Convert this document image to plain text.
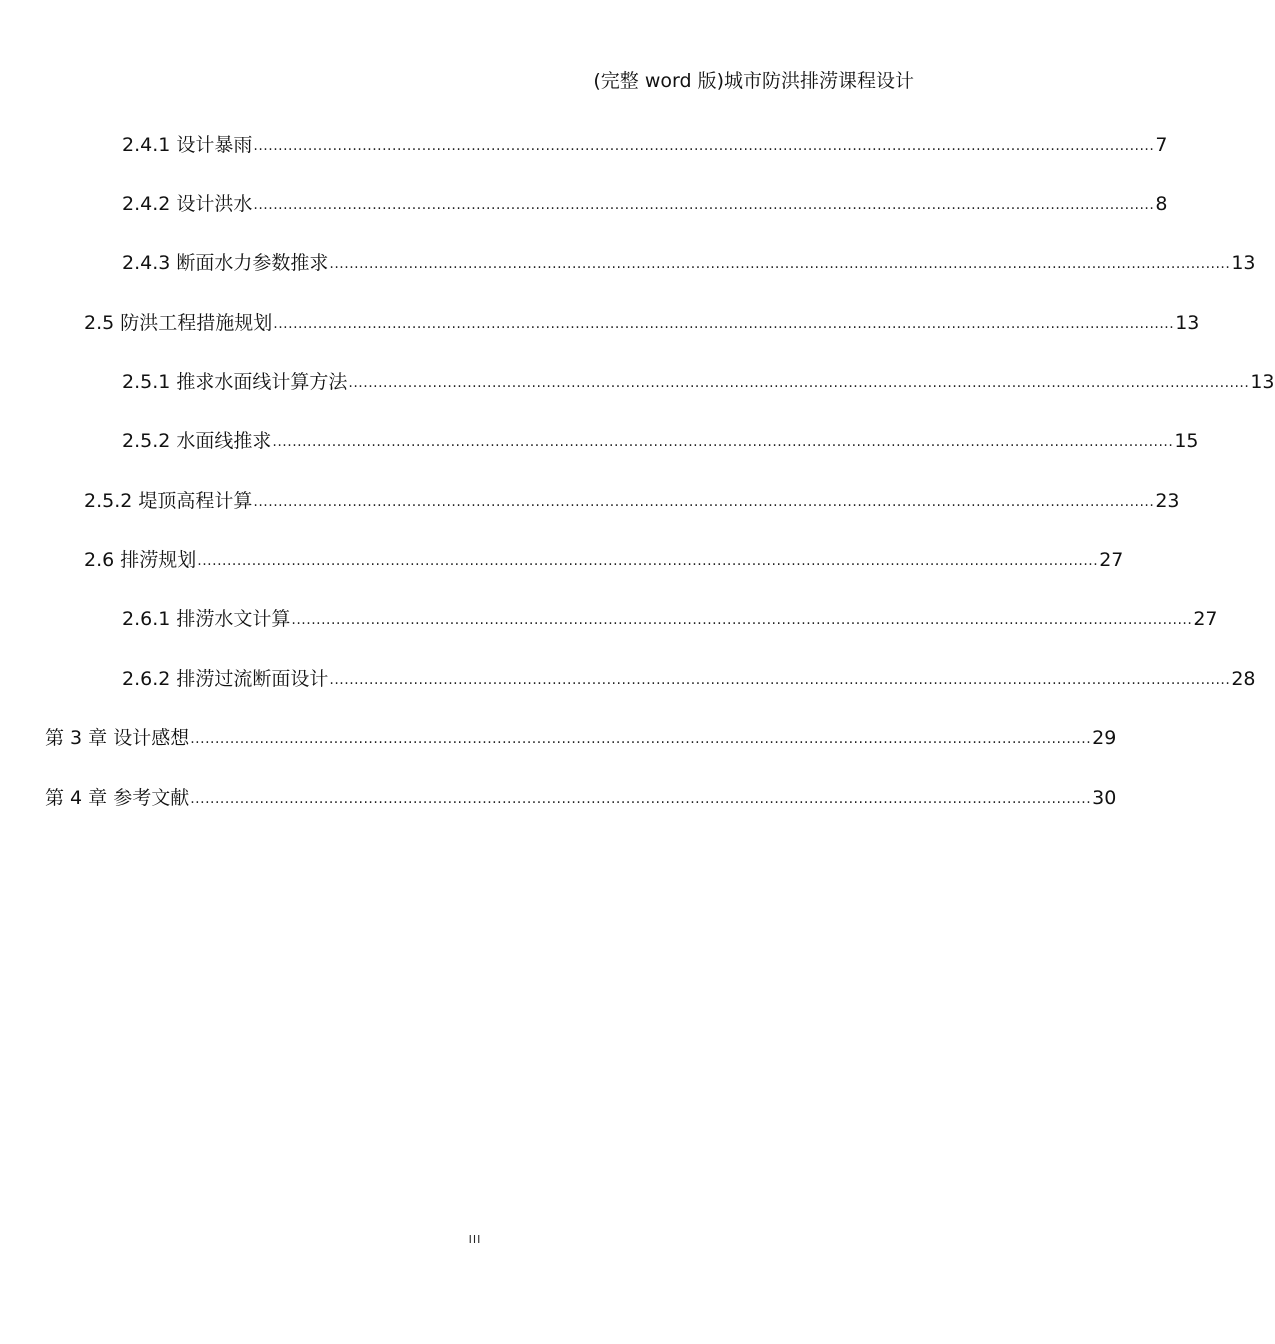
(完整 word 版)城市防洪排涝课程设计
2.4.1 设计暴雨 ...................................................................................................................................................................................... 7
2.4.2 设计洪水 ...................................................................................................................................................................................... 8
2.4.3 断面水力参数推求 ...................................................................................................................................................................................... 13
2.5 防洪工程措施规划 ...................................................................................................................................................................................... 13
2.5.1 推求水面线计算方法 ...................................................................................................................................................................................... 13
2.5.2 水面线推求 ...................................................................................................................................................................................... 15
2.5.2 堤顶高程计算 ...................................................................................................................................................................................... 23
2.6 排涝规划 ...................................................................................................................................................................................... 27
2.6.1 排涝水文计算 ...................................................................................................................................................................................... 27
2.6.2 排涝过流断面设计 ...................................................................................................................................................................................... 28
第 3 章 设计感想 ...................................................................................................................................................................................... 29
第 4 章 参考文献 ...................................................................................................................................................................................... 30
III
